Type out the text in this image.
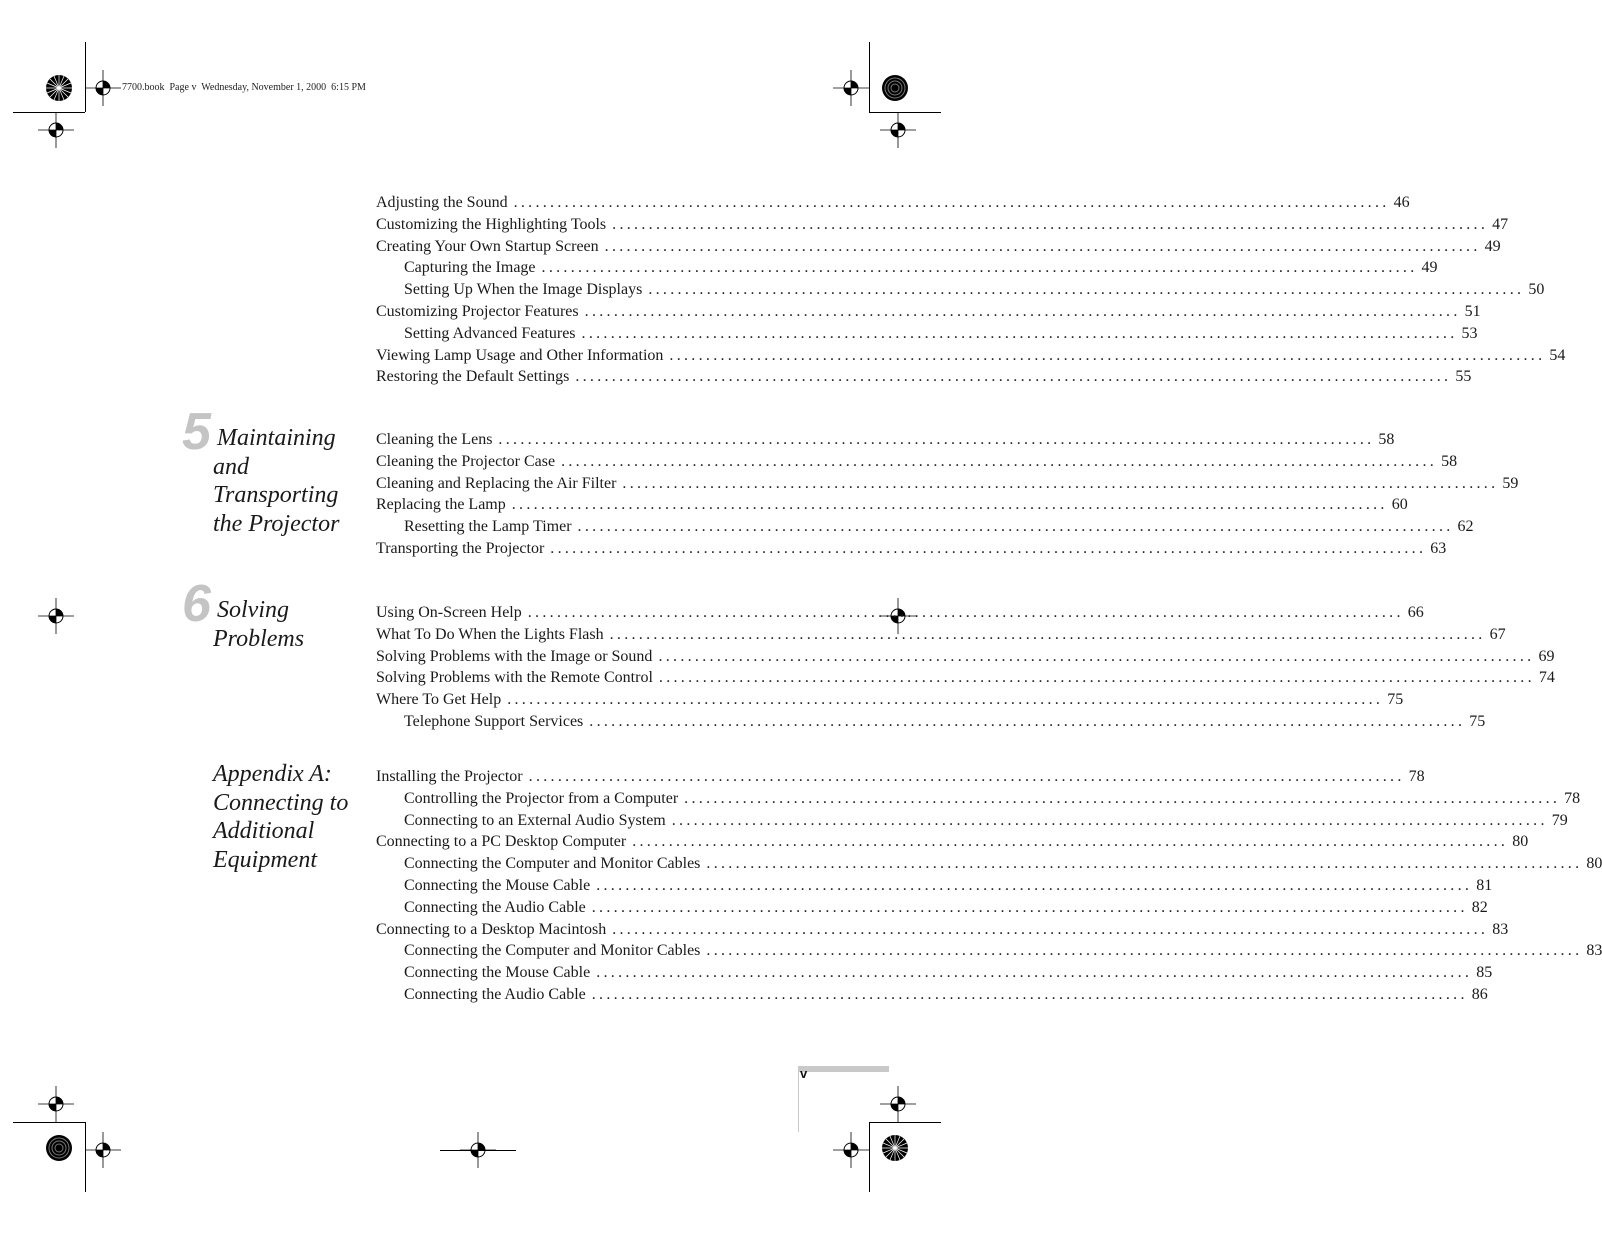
7700.book  Page v  Wednesday, November 1, 2000  6:15 PM
Adjusting the Sound ........................................................................................................................ 46
Customizing the Highlighting Tools ........................................................................................................................ 47
Creating Your Own Startup Screen ........................................................................................................................ 49
Capturing the Image ........................................................................................................................ 49
Setting Up When the Image Displays ........................................................................................................................ 50
Customizing Projector Features ........................................................................................................................ 51
Setting Advanced Features ........................................................................................................................ 53
Viewing Lamp Usage and Other Information ........................................................................................................................ 54
Restoring the Default Settings ........................................................................................................................ 55
5 Maintaining
and
Transporting
the Projector
Cleaning the Lens ........................................................................................................................ 58
Cleaning the Projector Case ........................................................................................................................ 58
Cleaning and Replacing the Air Filter ........................................................................................................................ 59
Replacing the Lamp ........................................................................................................................ 60
Resetting the Lamp Timer ........................................................................................................................ 62
Transporting the Projector ........................................................................................................................ 63
6 Solving
Problems
Using On-Screen Help ........................................................................................................................ 66
What To Do When the Lights Flash ........................................................................................................................ 67
Solving Problems with the Image or Sound ........................................................................................................................ 69
Solving Problems with the Remote Control ........................................................................................................................ 74
Where To Get Help ........................................................................................................................ 75
Telephone Support Services ........................................................................................................................ 75
Appendix A:
Connecting to
Additional
Equipment
Installing the Projector ........................................................................................................................ 78
Controlling the Projector from a Computer ........................................................................................................................ 78
Connecting to an External Audio System ........................................................................................................................ 79
Connecting to a PC Desktop Computer ........................................................................................................................ 80
Connecting the Computer and Monitor Cables ........................................................................................................................ 80
Connecting the Mouse Cable ........................................................................................................................ 81
Connecting the Audio Cable ........................................................................................................................ 82
Connecting to a Desktop Macintosh ........................................................................................................................ 83
Connecting the Computer and Monitor Cables ........................................................................................................................ 83
Connecting the Mouse Cable ........................................................................................................................ 85
Connecting the Audio Cable ........................................................................................................................ 86
v
